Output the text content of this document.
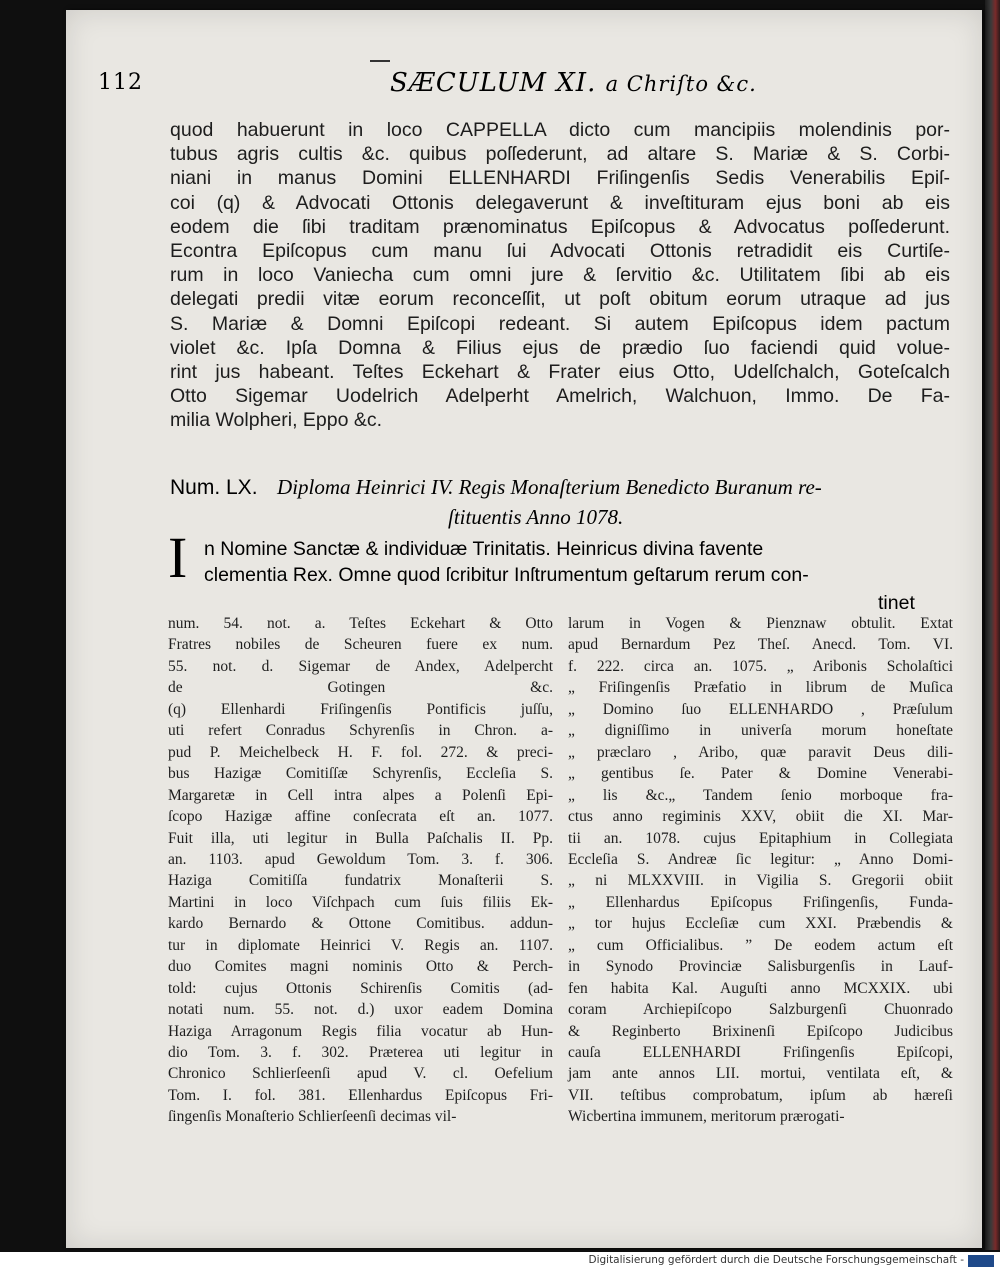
112	SÆCULUM XI. a Chriſto &c.
quod habuerunt in loco CAPPELLA dicto cum mancipiis molendinis por-
tubus agris cultis &c. quibus poſſederunt, ad altare S. Mariæ & S. Corbi-
niani in manus Domini ELLENHARDI Friſingenſis Sedis Venerabilis Epiſ-
coi (q) & Advocati Ottonis delegaverunt & inveſtituram ejus boni ab eis
eodem die ſibi traditam prænominatus Epiſcopus & Advocatus poſſederunt.
Econtra Epiſcopus cum manu ſui Advocati Ottonis retradidit eis Curtiſe-
rum in loco Vaniecha cum omni jure & ſervitio &c. Utilitatem ſibi ab eis
delegati predii vitæ eorum reconceſſit, ut poſt obitum eorum utraque ad jus
S. Mariæ & Domni Epiſcopi redeant. Si autem Epiſcopus idem pactum
violet &c. Ipſa Domna & Filius ejus de prædio ſuo faciendi quid volue-
rint jus habeant. Teſtes Eckehart & Frater eius Otto, Udelſchalch, Goteſcalch
Otto Sigemar Uodelrich Adelperht Amelrich, Walchuon, Immo. De Fa-
milia Wolpheri, Eppo &c.
Num. LX. Diploma Heinrici IV. Regis Monaſterium Benedicto Buranum re-
ſtituentis Anno 1078.
I n Nomine Sanctæ & individuæ Trinitatis. Heinricus divina favente
clementia Rex. Omne quod ſcribitur Inſtrumentum geſtarum rerum con-
tinet
num. 54. not. a. Teſtes Eckehart & Otto
Fratres nobiles de Scheuren fuere ex num.
55. not. d. Sigemar de Andex, Adelpercht
de Gotingen &c.
(q) Ellenhardi Friſingenſis Pontificis juſſu,
uti refert Conradus Schyrenſis in Chron. a-
pud P. Meichelbeck H. F. fol. 272. & preci-
bus Hazigæ Comitiſſæ Schyrenſis, Eccleſia S.
Margaretæ in Cell intra alpes a Polenſi Epi-
ſcopo Hazigæ affine conſecrata eſt an. 1077.
Fuit illa, uti legitur in Bulla Paſchalis II. Pp.
an. 1103. apud Gewoldum Tom. 3. f. 306.
Haziga Comitiſſa fundatrix Monaſterii S.
Martini in loco Viſchpach cum ſuis filiis Ek-
kardo Bernardo & Ottone Comitibus. addun-
tur in diplomate Heinrici V. Regis an. 1107.
duo Comites magni nominis Otto & Perch-
told: cujus Ottonis Schirenſis Comitis (ad-
notati num. 55. not. d.) uxor eadem Domina
Haziga Arragonum Regis filia vocatur ab Hun-
dio Tom. 3. f. 302. Præterea uti legitur in
Chronico Schlierſeenſi apud V. cl. Oefelium
Tom. I. fol. 381. Ellenhardus Epiſcopus Fri-
ſingenſis Monaſterio Schlierſeenſi decimas vil-
larum in Vogen & Pienznaw obtulit. Extat
apud Bernardum Pez Theſ. Anecd. Tom. VI.
f. 222. circa an. 1075. „ Aribonis Scholaſtici
„ Friſingenſis Præfatio in librum de Muſica
„ Domino ſuo ELLENHARDO , Præſulum
„ digniſſimo in univerſa morum honeſtate
„ præclaro , Aribo, quæ paravit Deus dili-
„ gentibus ſe. Pater & Domine Venerabi-
„ lis &c.„ Tandem ſenio morboque fra-
ctus anno regiminis XXV, obiit die XI. Mar-
tii an. 1078. cujus Epitaphium in Collegiata
Eccleſia S. Andreæ ſic legitur: „ Anno Domi-
„ ni MLXXVIII. in Vigilia S. Gregorii obiit
„ Ellenhardus Epiſcopus Friſingenſis, Funda-
„ tor hujus Eccleſiæ cum XXI. Præbendis &
„ cum Officialibus. ” De eodem actum eſt
in Synodo Provinciæ Salisburgenſis in Lauf-
fen habita Kal. Auguſti anno MCXXIX. ubi
coram Archiepiſcopo Salzburgenſi Chuonrado
& Reginberto Brixinenſi Epiſcopo Judicibus
cauſa ELLENHARDI Friſingenſis Epiſcopi,
jam ante annos LII. mortui, ventilata eſt, &
VII. teſtibus comprobatum, ipſum ab hæreſi
Wicbertina immunem, meritorum prærogati-
Digitalisierung gefördert durch die Deutsche Forschungsgemeinschaft -
